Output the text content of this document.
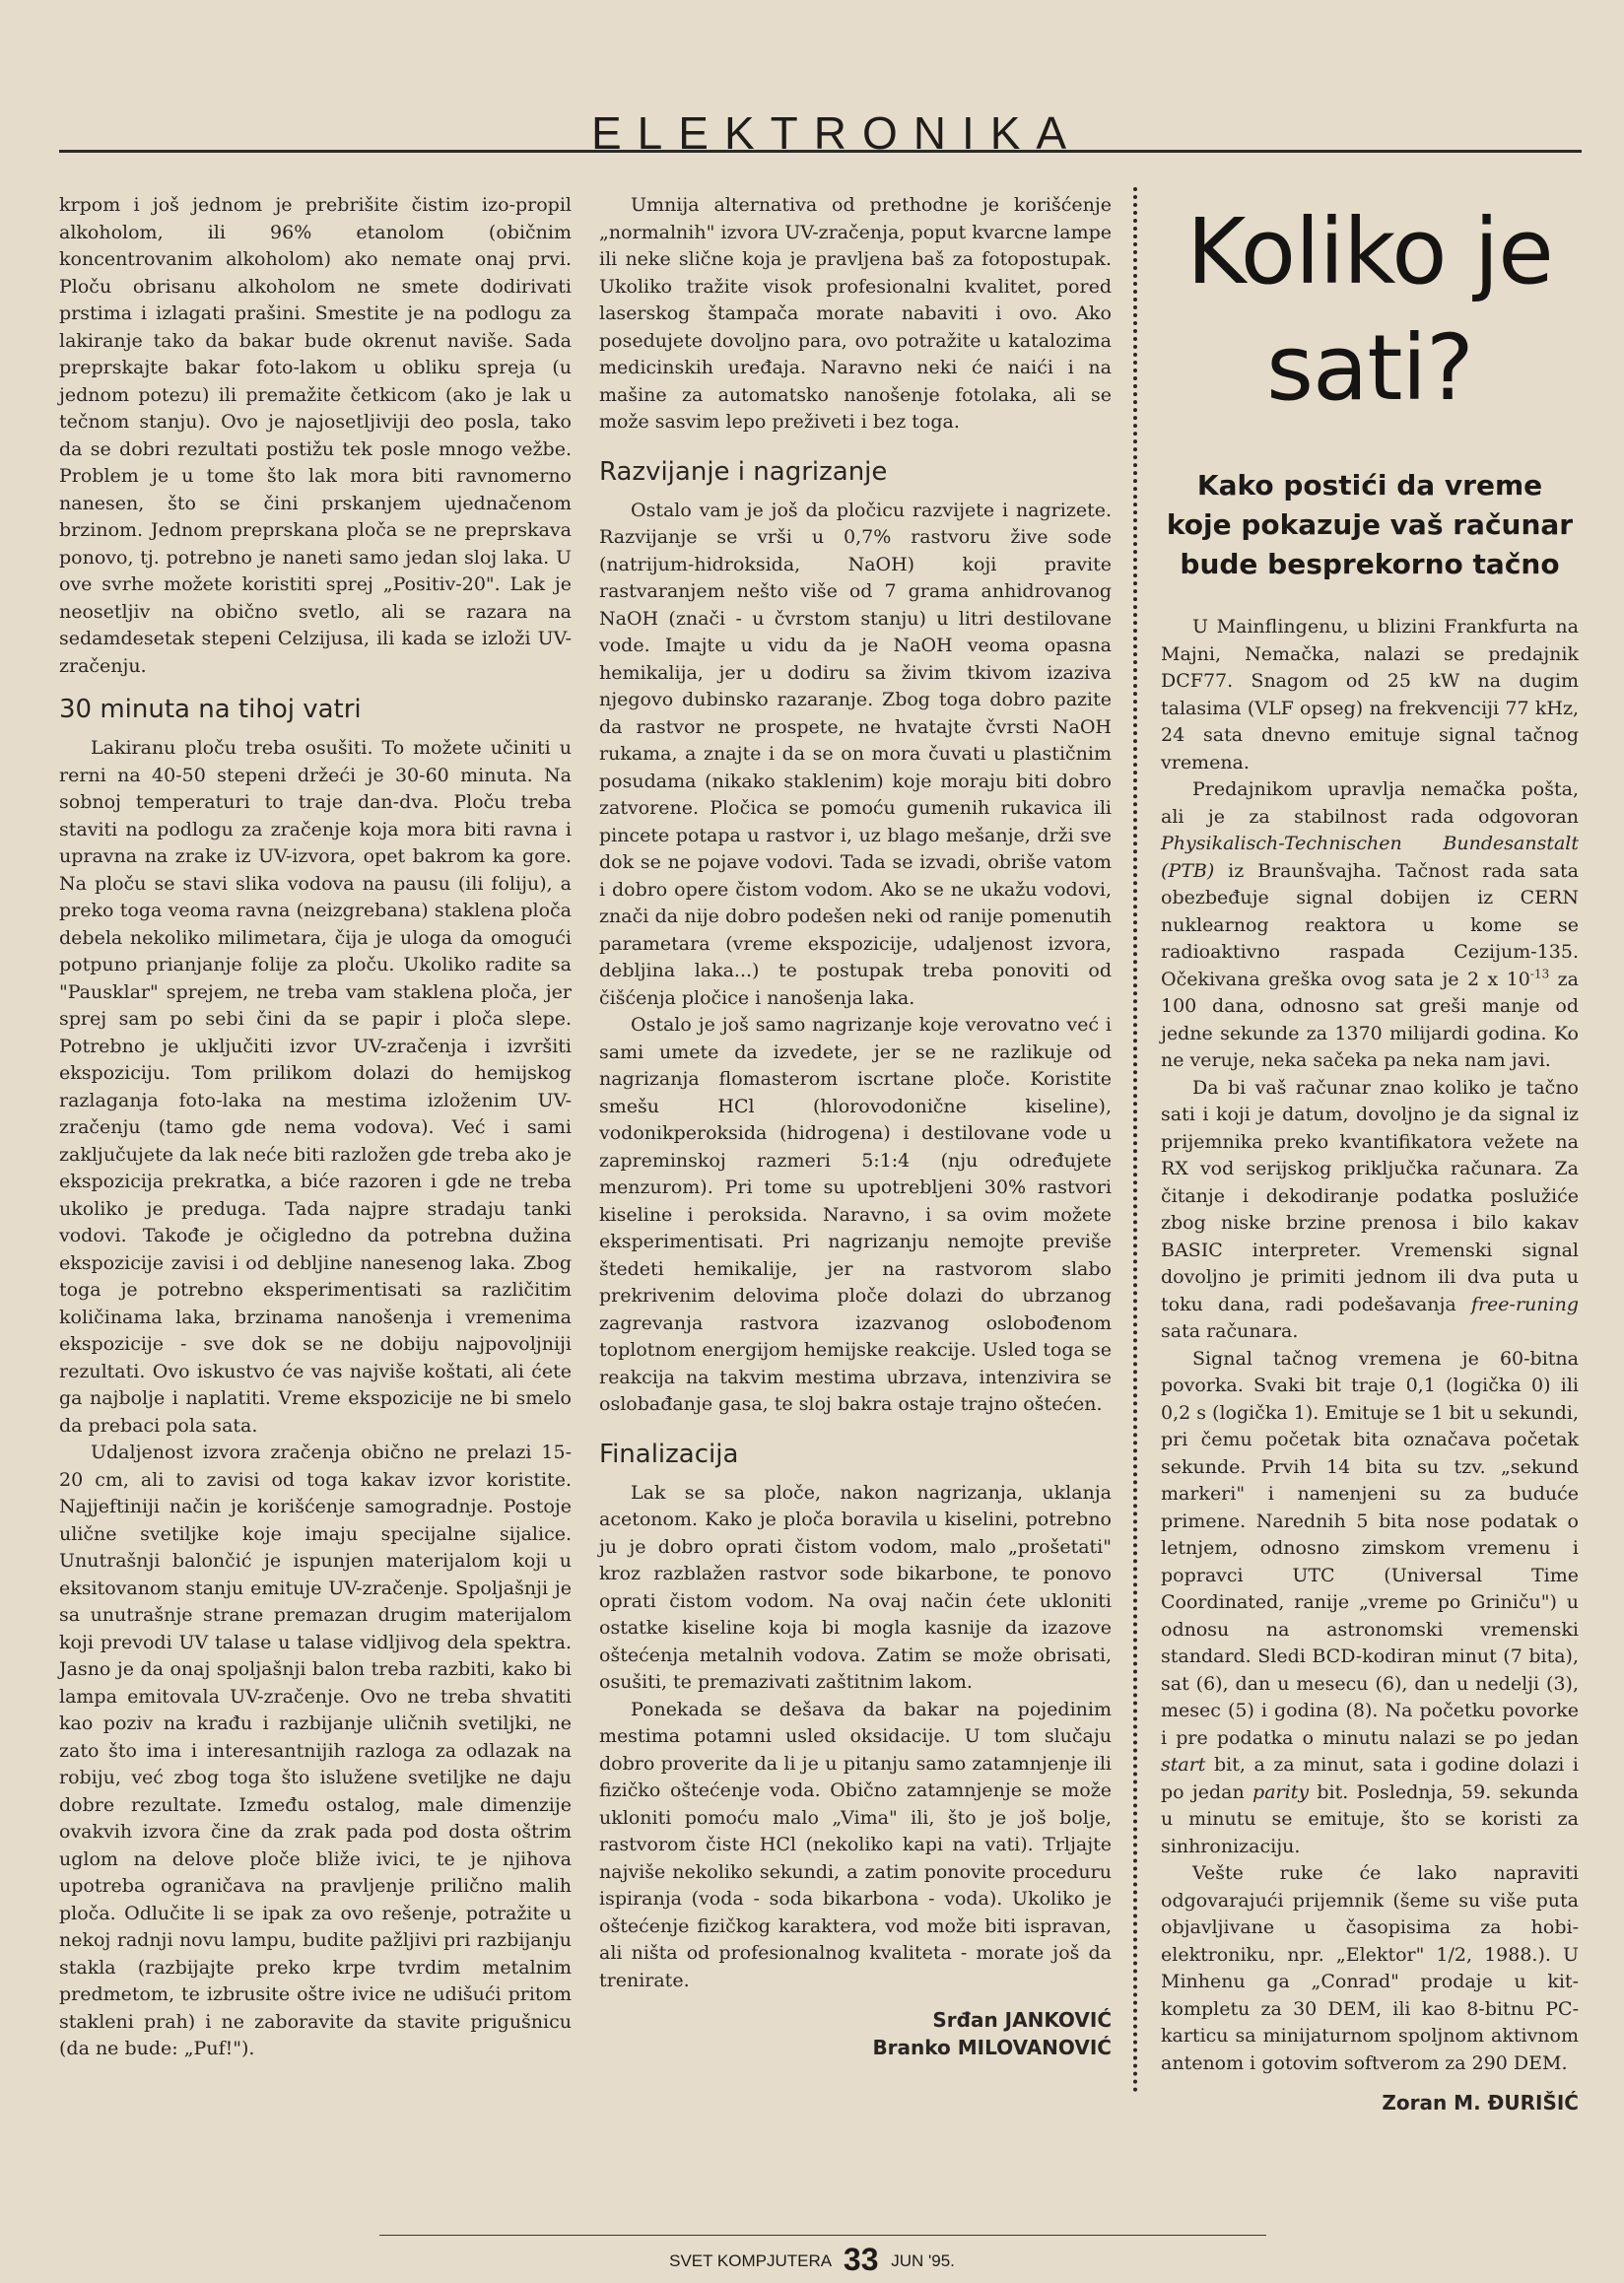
ELEKTRONIKA

krpom i još jednom je prebrišite čistim izo-propil alkoholom, ili 96% etanolom (običnim koncentrovanim alkoholom) ako nemate onaj prvi. Ploču obrisanu alkoholom ne smete dodirivati prstima i izlagati prašini. Smestite je na podlogu za lakiranje tako da bakar bude okrenut naviše. Sada preprskajte bakar foto-lakom u obliku spreja (u jednom potezu) ili premažite četkicom (ako je lak u tečnom stanju). Ovo je najosetljiviji deo posla, tako da se dobri rezultati postižu tek posle mnogo vežbe. Problem je u tome što lak mora biti ravnomerno nanesen, što se čini prskanjem ujednačenom brzinom. Jednom preprskana ploča se ne preprskava ponovo, tj. potrebno je naneti samo jedan sloj laka. U ove svrhe možete koristiti sprej „Positiv-20". Lak je neosetljiv na obično svetlo, ali se razara na sedamdesetak stepeni Celzijusa, ili kada se izloži UV-zračenju.

30 minuta na tihoj vatri

Lakiranu ploču treba osušiti. To možete učiniti u rerni na 40-50 stepeni držeći je 30-60 minuta. Na sobnoj temperaturi to traje dan-dva. Ploču treba staviti na podlogu za zračenje koja mora biti ravna i upravna na zrake iz UV-izvora, opet bakrom ka gore. Na ploču se stavi slika vodova na pausu (ili foliju), a preko toga veoma ravna (neizgrebana) staklena ploča debela nekoliko milimetara, čija je uloga da omogući potpuno prianjanje folije za ploču. Ukoliko radite sa "Pausklar" sprejem, ne treba vam staklena ploča, jer sprej sam po sebi čini da se papir i ploča slepe. Potrebno je uključiti izvor UV-zračenja i izvršiti ekspoziciju. Tom prilikom dolazi do hemijskog razlaganja foto-laka na mestima izloženim UV-zračenju (tamo gde nema vodova). Već i sami zaključujete da lak neće biti razložen gde treba ako je ekspozicija prekratka, a biće razoren i gde ne treba ukoliko je preduga. Tada najpre stradaju tanki vodovi. Takođe je očigledno da potrebna dužina ekspozicije zavisi i od debljine nanesenog laka. Zbog toga je potrebno eksperimentisati sa različitim količinama laka, brzinama nanošenja i vremenima ekspozicije - sve dok se ne dobiju najpovoljniji rezultati. Ovo iskustvo će vas najviše koštati, ali ćete ga najbolje i naplatiti. Vreme ekspozicije ne bi smelo da prebaci pola sata.

Udaljenost izvora zračenja obično ne prelazi 15-20 cm, ali to zavisi od toga kakav izvor koristite. Najjeftiniji način je korišćenje samogradnje. Postoje ulične svetiljke koje imaju specijalne sijalice. Unutrašnji balončić je ispunjen materijalom koji u eksitovanom stanju emituje UV-zračenje. Spoljašnji je sa unutrašnje strane premazan drugim materijalom koji prevodi UV talase u talase vidljivog dela spektra. Jasno je da onaj spoljašnji balon treba razbiti, kako bi lampa emitovala UV-zračenje. Ovo ne treba shvatiti kao poziv na krađu i razbijanje uličnih svetiljki, ne zato što ima i interesantnijih razloga za odlazak na robiju, već zbog toga što islužene svetiljke ne daju dobre rezultate. Između ostalog, male dimenzije ovakvih izvora čine da zrak pada pod dosta oštrim uglom na delove ploče bliže ivici, te je njihova upotreba ograničava na pravljenje prilično malih ploča. Odlučite li se ipak za ovo rešenje, potražite u nekoj radnji novu lampu, budite pažljivi pri razbijanju stakla (razbijajte preko krpe tvrdim metalnim predmetom, te izbrusite oštre ivice ne udišući pritom stakleni prah) i ne zaboravite da stavite prigušnicu (da ne bude: „Puf!").

Umnija alternativa od prethodne je korišćenje „normalnih" izvora UV-zračenja, poput kvarcne lampe ili neke slične koja je pravljena baš za fotopostupak. Ukoliko tražite visok profesionalni kvalitet, pored laserskog štampača morate nabaviti i ovo. Ako posedujete dovoljno para, ovo potražite u katalozima medicinskih uređaja. Naravno neki će naići i na mašine za automatsko nanošenje fotolaka, ali se može sasvim lepo preživeti i bez toga.

Razvijanje i nagrizanje

Ostalo vam je još da pločicu razvijete i nagrizete. Razvijanje se vrši u 0,7% rastvoru žive sode (natrijum-hidroksida, NaOH) koji pravite rastvaranjem nešto više od 7 grama anhidrovanog NaOH (znači - u čvrstom stanju) u litri destilovane vode. Imajte u vidu da je NaOH veoma opasna hemikalija, jer u dodiru sa živim tkivom izaziva njegovo dubinsko razaranje. Zbog toga dobro pazite da rastvor ne prospete, ne hvatajte čvrsti NaOH rukama, a znajte i da se on mora čuvati u plastičnim posudama (nikako staklenim) koje moraju biti dobro zatvorene. Pločica se pomoću gumenih rukavica ili pincete potapa u rastvor i, uz blago mešanje, drži sve dok se ne pojave vodovi. Tada se izvadi, obriše vatom i dobro opere čistom vodom. Ako se ne ukažu vodovi, znači da nije dobro podešen neki od ranije pomenutih parametara (vreme ekspozicije, udaljenost izvora, debljina laka...) te postupak treba ponoviti od čišćenja pločice i nanošenja laka.

Ostalo je još samo nagrizanje koje verovatno već i sami umete da izvedete, jer se ne razlikuje od nagrizanja flomasterom iscrtane ploče. Koristite smešu HCl (hlorovodonične kiseline), vodonikperoksida (hidrogena) i destilovane vode u zapreminskoj razmeri 5:1:4 (nju određujete menzurom). Pri tome su upotrebljeni 30% rastvori kiseline i peroksida. Naravno, i sa ovim možete eksperimentisati. Pri nagrizanju nemojte previše štedeti hemikalije, jer na rastvorom slabo prekrivenim delovima ploče dolazi do ubrzanog zagrevanja rastvora izazvanog oslobođenom toplotnom energijom hemijske reakcije. Usled toga se reakcija na takvim mestima ubrzava, intenzivira se oslobađanje gasa, te sloj bakra ostaje trajno oštećen.

Finalizacija

Lak se sa ploče, nakon nagrizanja, uklanja acetonom. Kako je ploča boravila u kiselini, potrebno ju je dobro oprati čistom vodom, malo „prošetati" kroz razblažen rastvor sode bikarbone, te ponovo oprati čistom vodom. Na ovaj način ćete ukloniti ostatke kiseline koja bi mogla kasnije da izazove oštećenja metalnih vodova. Zatim se može obrisati, osušiti, te premazivati zaštitnim lakom.

Ponekada se dešava da bakar na pojedinim mestima potamni usled oksidacije. U tom slučaju dobro proverite da li je u pitanju samo zatamnjenje ili fizičko oštećenje voda. Obično zatamnjenje se može ukloniti pomoću malo „Vima" ili, što je još bolje, rastvorom čiste HCl (nekoliko kapi na vati). Trljajte najviše nekoliko sekundi, a zatim ponovite proceduru ispiranja (voda - soda bikarbona - voda). Ukoliko je oštećenje fizičkog karaktera, vod može biti ispravan, ali ništa od profesionalnog kvaliteta - morate još da trenirate.

Srđan JANKOVIĆ
Branko MILOVANOVIĆ
Koliko je sati?
Kako postići da vreme koje pokazuje vaš računar bude besprekorno tačno

U Mainflingenu, u blizini Frankfurta na Majni, Nemačka, nalazi se predajnik DCF77. Snagom od 25 kW na dugim talasima (VLF opseg) na frekvenciji 77 kHz, 24 sata dnevno emituje signal tačnog vremena.

Predajnikom upravlja nemačka pošta, ali je za stabilnost rada odgovoran Physikalisch-Technischen Bundesanstalt (PTB) iz Braunšvajha. Tačnost rada sata obezbeđuje signal dobijen iz CERN nuklearnog reaktora u kome se radioaktivno raspada Cezijum-135. Očekivana greška ovog sata je 2 x $10^{-13}$ za 100 dana, odnosno sat greši manje od jedne sekunde za 1370 milijardi godina. Ko ne veruje, neka sačeka pa neka nam javi.

Da bi vaš računar znao koliko je tačno sati i koji je datum, dovoljno je da signal iz prijemnika preko kvantifikatora vežete na RX vod serijskog priključka računara. Za čitanje i dekodiranje podatka poslužiće zbog niske brzine prenosa i bilo kakav BASIC interpreter. Vremenski signal dovoljno je primiti jednom ili dva puta u toku dana, radi podešavanja free-runing sata računara.

Signal tačnog vremena je 60-bitna povorka. Svaki bit traje 0,1 (logička 0) ili 0,2 s (logička 1). Emituje se 1 bit u sekundi, pri čemu početak bita označava početak sekunde. Prvih 14 bita su tzv. „sekund markeri" i namenjeni su za buduće primene. Narednih 5 bita nose podatak o letnjem, odnosno zimskom vremenu i popravci UTC (Universal Time Coordinated, ranije „vreme po Griniču") u odnosu na astronomski vremenski standard. Sledi BCD-kodiran minut (7 bita), sat (6), dan u mesecu (6), dan u nedelji (3), mesec (5) i godina (8). Na početku povorke i pre podatka o minutu nalazi se po jedan start bit, a za minut, sata i godine dolazi i po jedan parity bit. Poslednja, 59. sekunda u minutu se emituje, što se koristi za sinhronizaciju.

Vešte ruke će lako napraviti odgovarajući prijemnik (šeme su više puta objavljivane u časopisima za hobi-elektroniku, npr. „Elektor" 1/2, 1988.). U Minhenu ga „Conrad" prodaje u kit-kompletu za 30 DEM, ili kao 8-bitnu PC-karticu sa minijaturnom spoljnom aktivnom antenom i gotovim softverom za 290 DEM.

Zoran M. ĐURIŠIĆ
SVET KOMPJUTERA 33 JUN '95.
